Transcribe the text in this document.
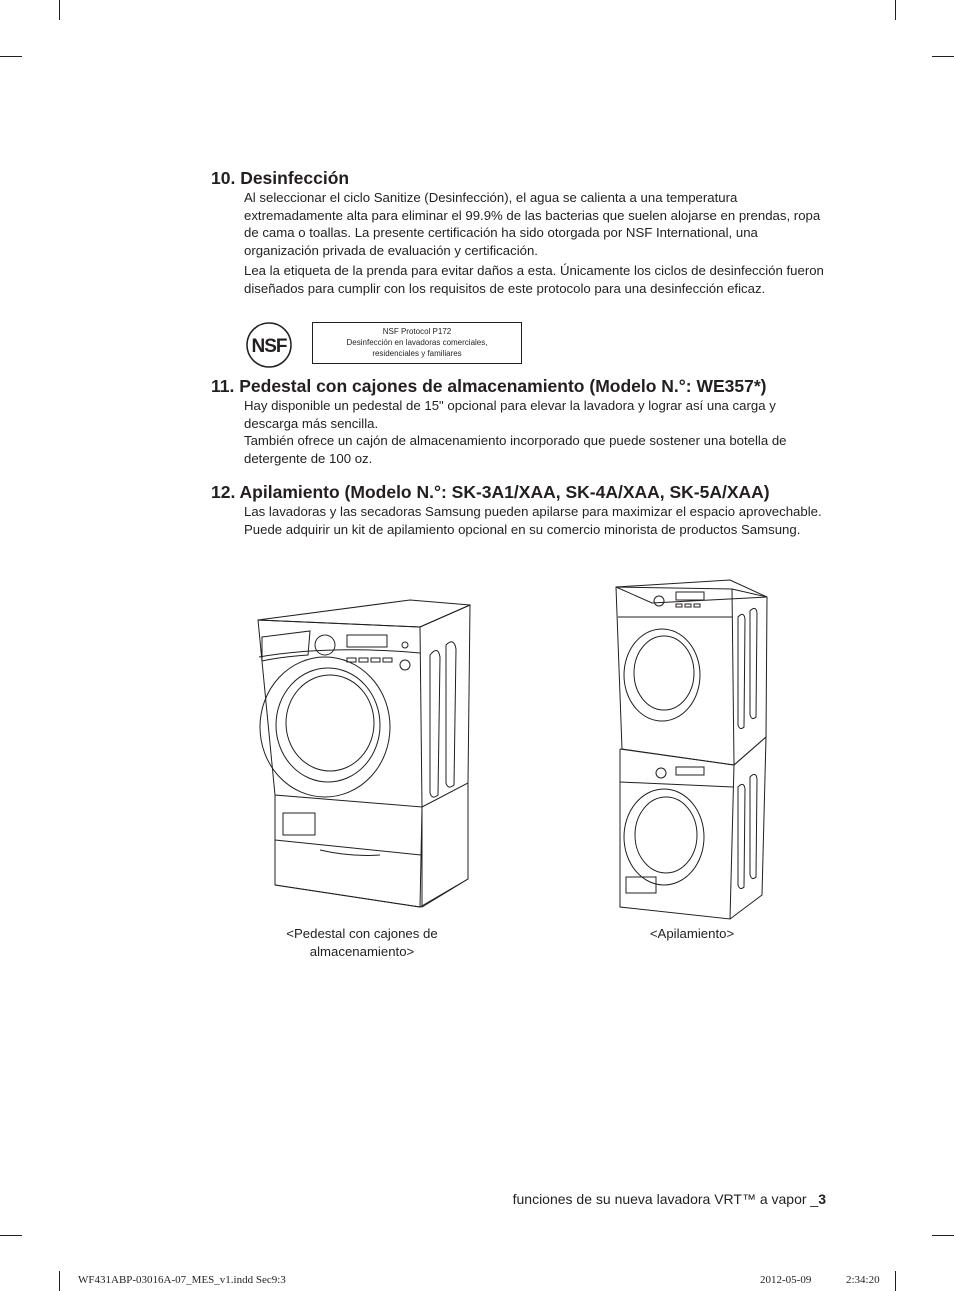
10. Desinfección

Al seleccionar el ciclo Sanitize (Desinfección), el agua se calienta a una temperatura extremadamente alta para eliminar el 99.9% de las bacterias que suelen alojarse en prendas, ropa de cama o toallas. La presente certificación ha sido otorgada por NSF International, una organización privada de evaluación y certificación.

Lea la etiqueta de la prenda para evitar daños a esta. Únicamente los ciclos de desinfección fueron diseñados para cumplir con los requisitos de este protocolo para una desinfección eficaz.

NSF
NSF Protocol P172
Desinfección en lavadoras comerciales,
residenciales y familiares
11. Pedestal con cajones de almacenamiento (Modelo N.°: WE357*)

Hay disponible un pedestal de 15" opcional para elevar la lavadora y lograr así una carga y descarga más sencilla.

También ofrece un cajón de almacenamiento incorporado que puede sostener una botella de detergente de 100 oz.

12. Apilamiento (Modelo N.°: SK-3A1/XAA, SK-4A/XAA, SK-5A/XAA)

Las lavadoras y las secadoras Samsung pueden apilarse para maximizar el espacio aprovechable. Puede adquirir un kit de apilamiento opcional en su comercio minorista de productos Samsung.

<Pedestal con cajones de almacenamiento>
<Apilamiento>
funciones de su nueva lavadora VRT™ a vapor _3
WF431ABP-03016A-07_MES_v1.indd Sec9:3	2012-05-09	2:34:20
